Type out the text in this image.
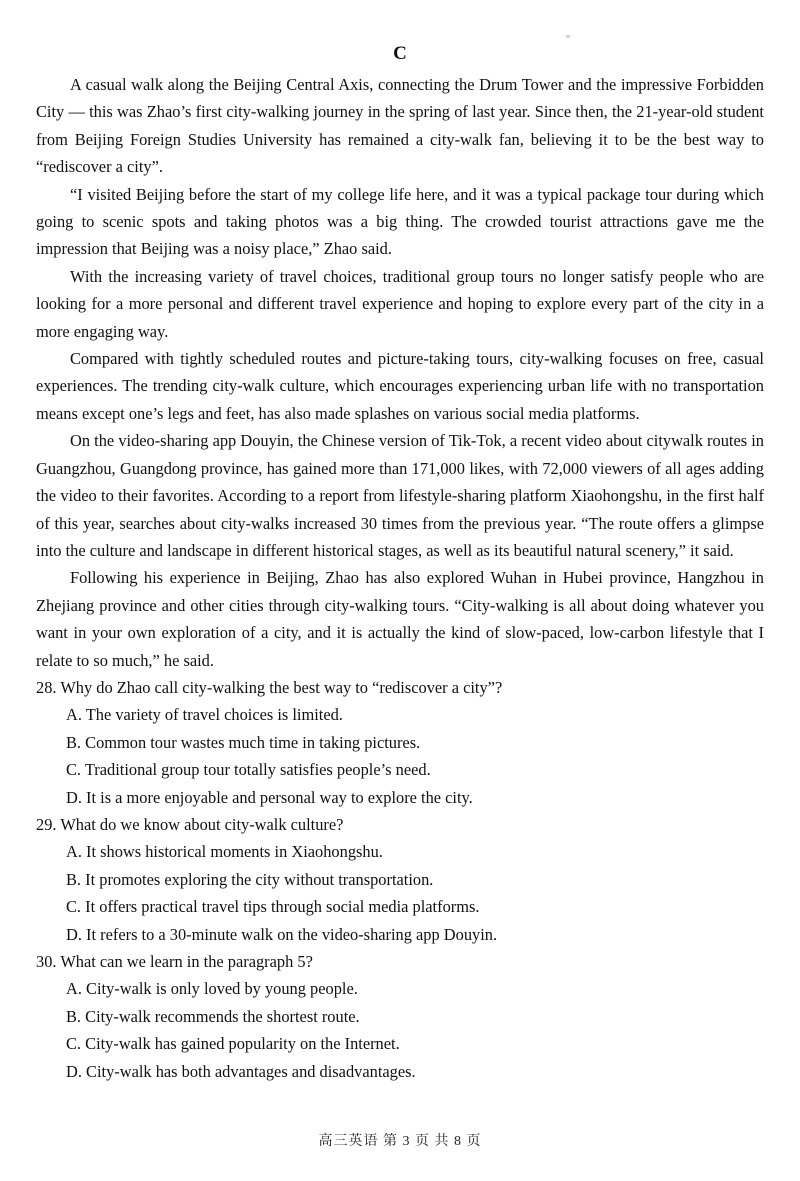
C

A casual walk along the Beijing Central Axis, connecting the Drum Tower and the impressive Forbidden City — this was Zhao’s first city-walking journey in the spring of last year. Since then, the 21-year-old student from Beijing Foreign Studies University has remained a city-walk fan, believing it to be the best way to “rediscover a city”.

“I visited Beijing before the start of my college life here, and it was a typical package tour during which going to scenic spots and taking photos was a big thing. The crowded tourist attractions gave me the impression that Beijing was a noisy place,” Zhao said.

With the increasing variety of travel choices, traditional group tours no longer satisfy people who are looking for a more personal and different travel experience and hoping to explore every part of the city in a more engaging way.

Compared with tightly scheduled routes and picture-taking tours, city-walking focuses on free, casual experiences. The trending city-walk culture, which encourages experiencing urban life with no transportation means except one’s legs and feet, has also made splashes on various social media platforms.

On the video-sharing app Douyin, the Chinese version of Tik-Tok, a recent video about citywalk routes in Guangzhou, Guangdong province, has gained more than 171,000 likes, with 72,000 viewers of all ages adding the video to their favorites. According to a report from lifestyle-sharing platform Xiaohongshu, in the first half of this year, searches about city-walks increased 30 times from the previous year. “The route offers a glimpse into the culture and landscape in different historical stages, as well as its beautiful natural scenery,” it said.

Following his experience in Beijing, Zhao has also explored Wuhan in Hubei province, Hangzhou in Zhejiang province and other cities through city-walking tours. “City-walking is all about doing whatever you want in your own exploration of a city, and it is actually the kind of slow-paced, low-carbon lifestyle that I relate to so much,” he said.

28. Why do Zhao call city-walking the best way to “rediscover a city”?
A. The variety of travel choices is limited.
B. Common tour wastes much time in taking pictures.
C. Traditional group tour totally satisfies people’s need.
D. It is a more enjoyable and personal way to explore the city.
29. What do we know about city-walk culture?
A. It shows historical moments in Xiaohongshu.
B. It promotes exploring the city without transportation.
C. It offers practical travel tips through social media platforms.
D. It refers to a 30-minute walk on the video-sharing app Douyin.
30. What can we learn in the paragraph 5?
A. City-walk is only loved by young people.
B. City-walk recommends the shortest route.
C. City-walk has gained popularity on the Internet.
D. City-walk has both advantages and disadvantages.
高三英语 第 3 页 共 8 页
